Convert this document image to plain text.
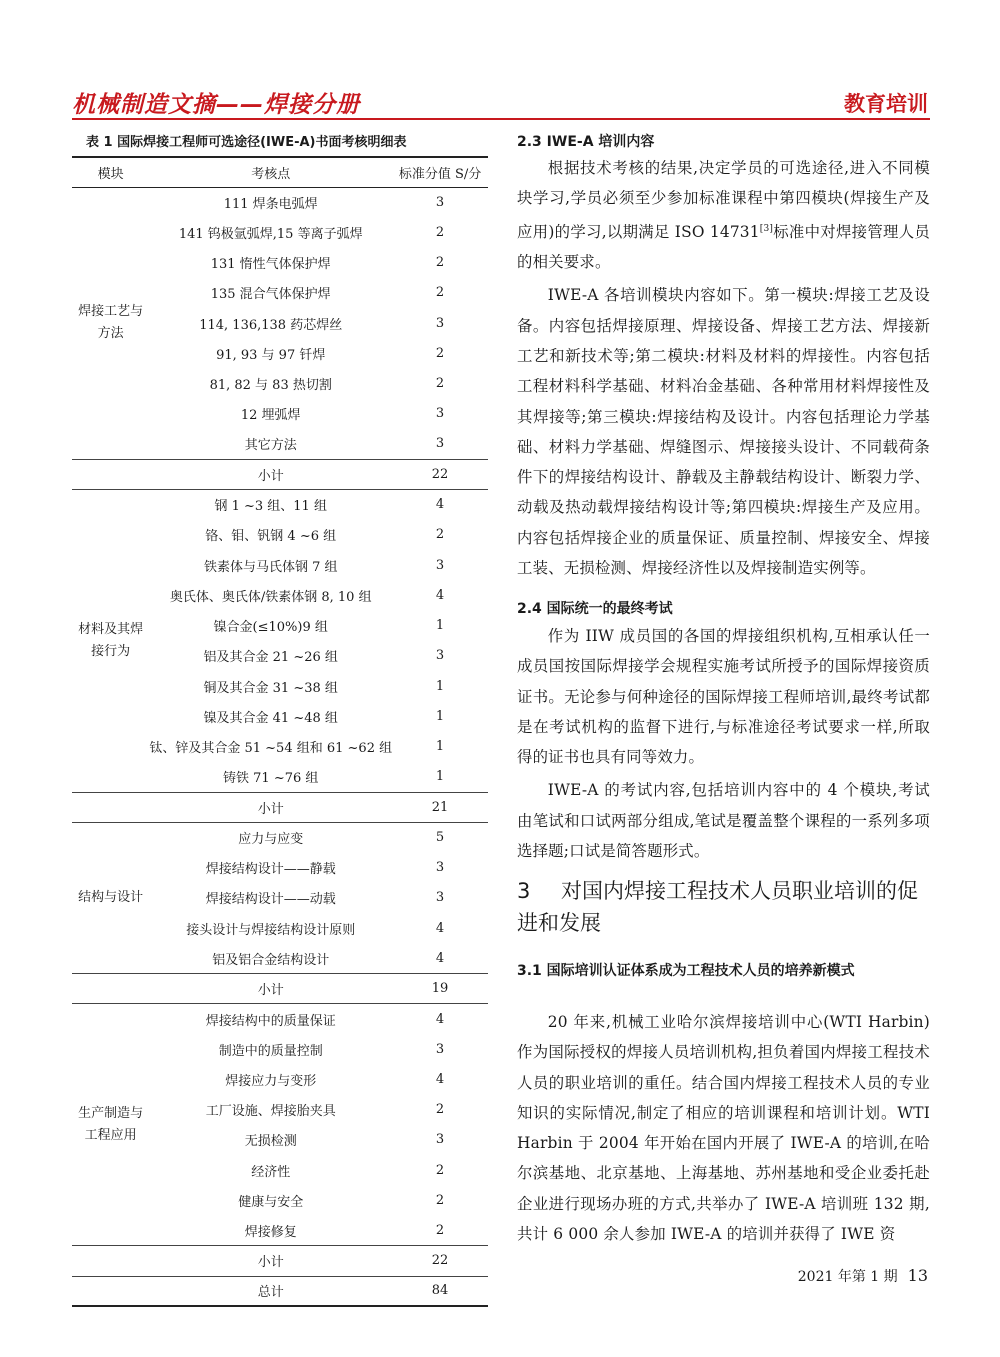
机械制造文摘——焊接分册	教育培训
表 1 国际焊接工程师可选途径(IWE-A)书面考核明细表
模块	考核点	标准分值 S/分
焊接工艺与方法	111 焊条电弧焊	3
	141 钨极氩弧焊,15 等离子弧焊	2
	131 惰性气体保护焊	2
	135 混合气体保护焊	2
	114, 136,138 药芯焊丝	3
	91, 93 与 97 钎焊	2
	81, 82 与 83 热切割	2
	12 埋弧焊	3
	其它方法	3
	小计	22
材料及其焊接行为	钢 1 ~3 组、11 组	4
	铬、钼、钒钢 4 ~6 组	2
	铁素体与马氏体钢 7 组	3
	奥氏体、奥氏体/铁素体钢 8, 10 组	4
	镍合金(≤10%)9 组	1
	铝及其合金 21 ~26 组	3
	铜及其合金 31 ~38 组	1
	镍及其合金 41 ~48 组	1
	钛、锌及其合金 51 ~54 组和 61 ~62 组	1
	铸铁 71 ~76 组	1
	小计	21
结构与设计	应力与应变	5
	焊接结构设计——静载	3
	焊接结构设计——动载	3
	接头设计与焊接结构设计原则	4
	铝及铝合金结构设计	4
	小计	19
生产制造与工程应用	焊接结构中的质量保证	4
	制造中的质量控制	3
	焊接应力与变形	4
	工厂设施、焊接胎夹具	2
	无损检测	3
	经济性	2
	健康与安全	2
	焊接修复	2
	小计	22
	总计	84
2.3 IWE-A 培训内容

根据技术考核的结果,决定学员的可选途径,进入不同模块学习,学员必须至少参加标准课程中第四模块(焊接生产及应用)的学习,以期满足 ISO 14731[3]标准中对焊接管理人员的相关要求。

IWE-A 各培训模块内容如下。第一模块:焊接工艺及设备。内容包括焊接原理、焊接设备、焊接工艺方法、焊接新工艺和新技术等;第二模块:材料及材料的焊接性。内容包括工程材料科学基础、材料冶金基础、各种常用材料焊接性及其焊接等;第三模块:焊接结构及设计。内容包括理论力学基础、材料力学基础、焊缝图示、焊接接头设计、不同载荷条件下的焊接结构设计、静载及主静载结构设计、断裂力学、动载及热动载焊接结构设计等;第四模块:焊接生产及应用。内容包括焊接企业的质量保证、质量控制、焊接安全、焊接工装、无损检测、焊接经济性以及焊接制造实例等。

2.4 国际统一的最终考试

作为 IIW 成员国的各国的焊接组织机构,互相承认任一成员国按国际焊接学会规程实施考试所授予的国际焊接资质证书。无论参与何种途径的国际焊接工程师培训,最终考试都是在考试机构的监督下进行,与标准途径考试要求一样,所取得的证书也具有同等效力。

IWE-A 的考试内容,包括培训内容中的 4 个模块,考试由笔试和口试两部分组成,笔试是覆盖整个课程的一系列多项选择题;口试是简答题形式。

3 对国内焊接工程技术人员职业培训的促进和发展
3.1 国际培训认证体系成为工程技术人员的培养新模式

20 年来,机械工业哈尔滨焊接培训中心(WTI Harbin)作为国际授权的焊接人员培训机构,担负着国内焊接工程技术人员的职业培训的重任。结合国内焊接工程技术人员的专业知识的实际情况,制定了相应的培训课程和培训计划。WTI Harbin 于 2004 年开始在国内开展了 IWE-A 的培训,在哈尔滨基地、北京基地、上海基地、苏州基地和受企业委托赴企业进行现场办班的方式,共举办了 IWE-A 培训班 132 期,共计 6 000 余人参加 IWE-A 的培训并获得了 IWE 资

2021 年第 1 期 13
